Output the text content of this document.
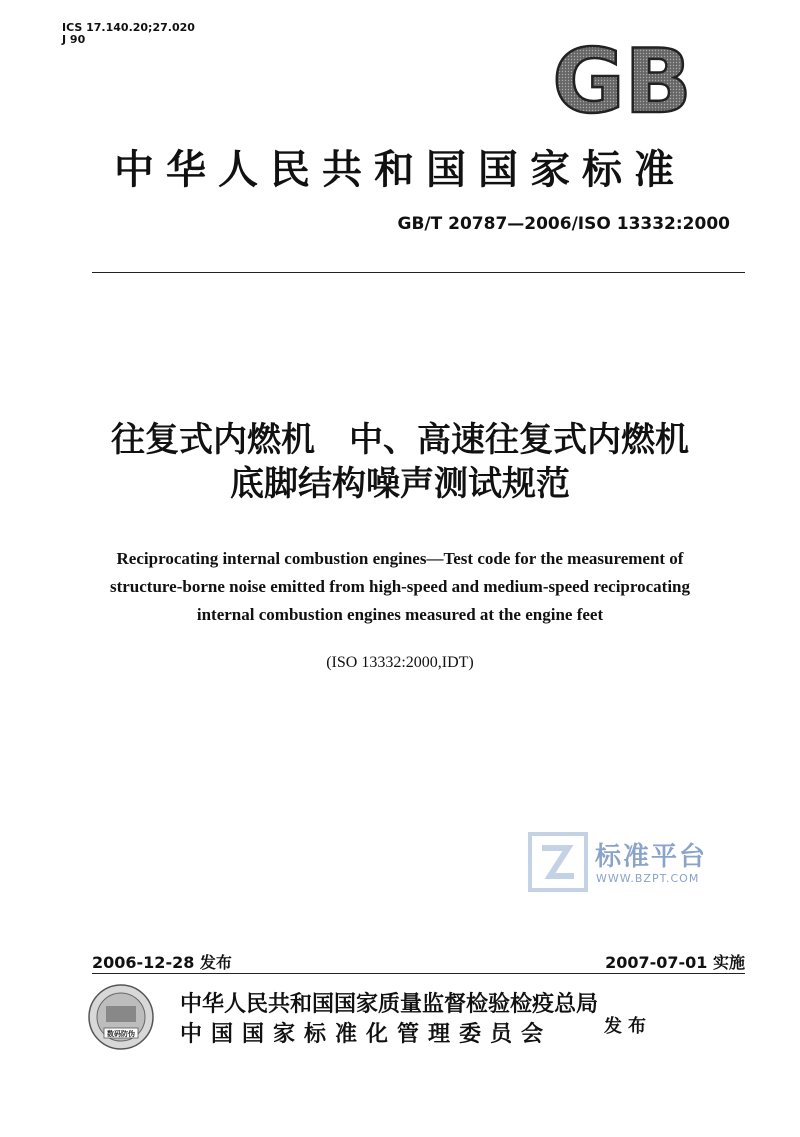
ICS 17.140.20;27.020
J 90	GB
中华人民共和国国家标准
GB/T 20787—2006/ISO 13332:2000
往复式内燃机　中、高速往复式内燃机
底脚结构噪声测试规范
Reciprocating internal combustion engines—Test code for the measurement of
structure-borne noise emitted from high-speed and medium-speed reciprocating
internal combustion engines measured at the engine feet
(ISO 13332:2000,IDT)
标准平台
WWW.BZPT.COM
2006-12-28 发布	2007-07-01 实施
数码防伪
中华人民共和国国家质量监督检验检疫总局
中国国家标准化管理委员会	发布
